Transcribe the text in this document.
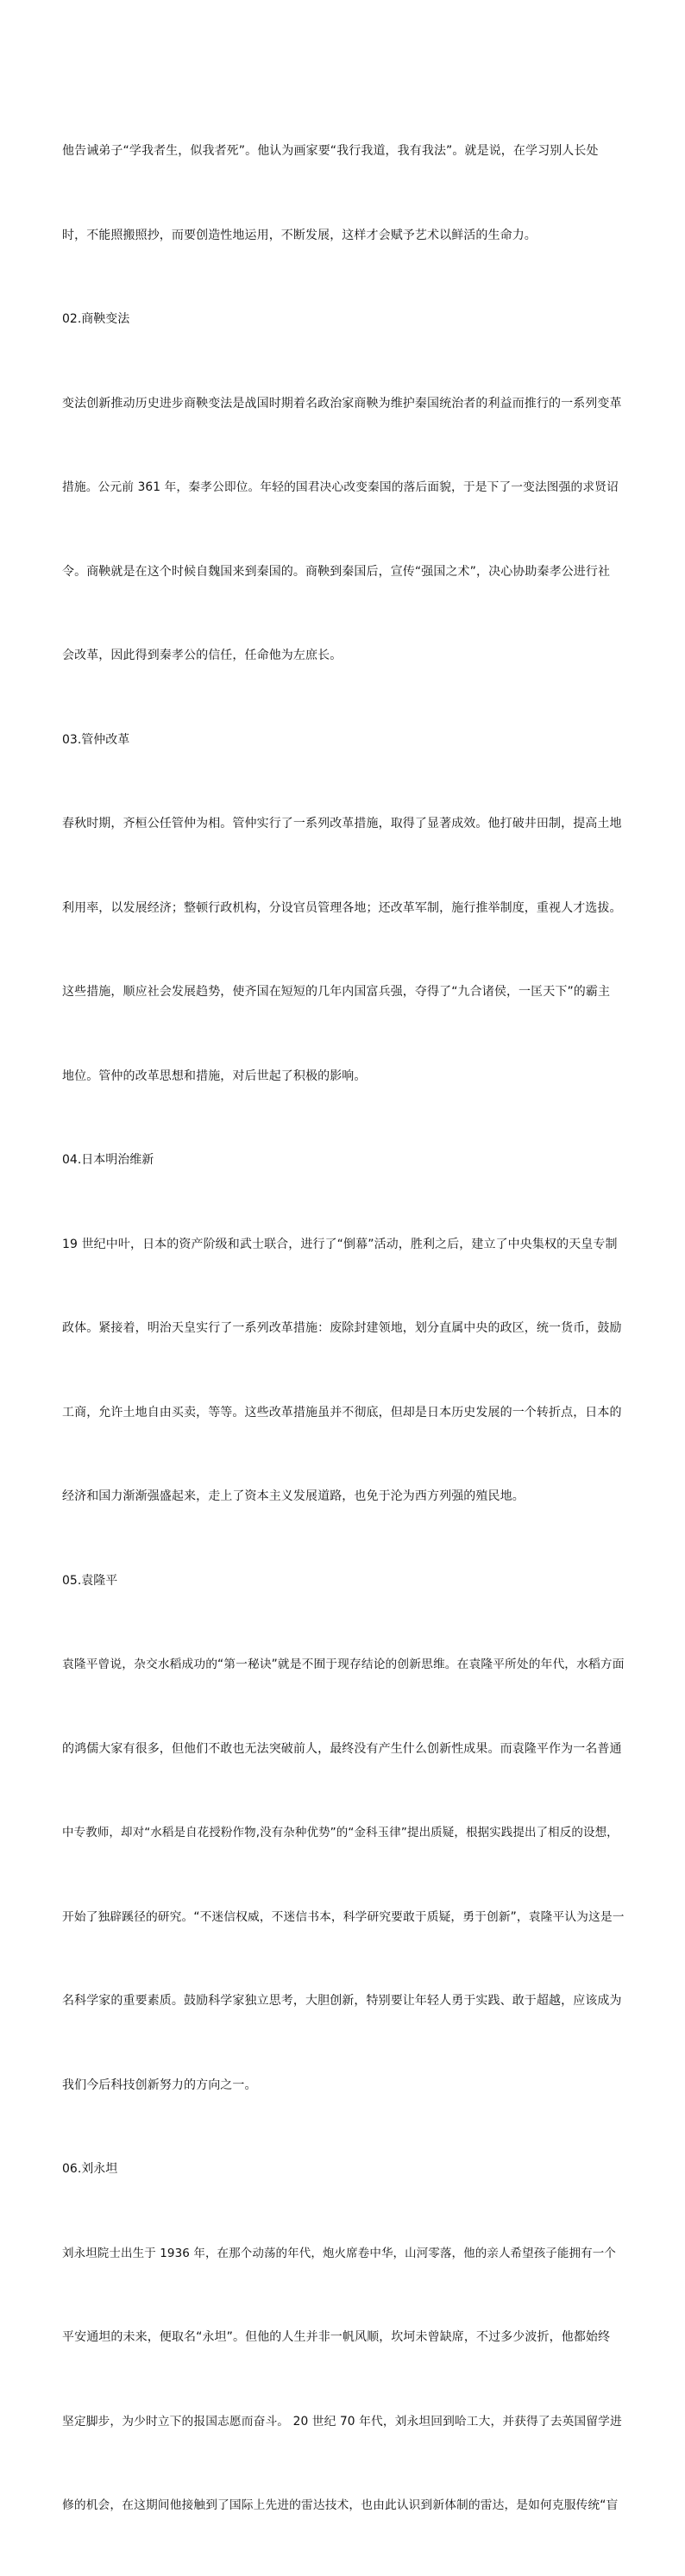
他告诫弟子“学我者生，似我者死”。他认为画家要“我行我道，我有我法”。就是说，在学习别人长处

时，不能照搬照抄，而要创造性地运用，不断发展，这样才会赋予艺术以鲜活的生命力。

02.商鞅变法

变法创新推动历史进步商鞅变法是战国时期着名政治家商鞅为维护秦国统治者的利益而推行的一系列变革

措施。公元前 361 年，秦孝公即位。年轻的国君决心改变秦国的落后面貌，于是下了一变法图强的求贤诏

令。商鞅就是在这个时候自魏国来到秦国的。商鞅到秦国后，宣传“强国之术”，决心协助秦孝公进行社

会改革，因此得到秦孝公的信任，任命他为左庶长。

03.管仲改革

春秋时期，齐桓公任管仲为相。管仲实行了一系列改革措施，取得了显著成效。他打破井田制，提高土地

利用率，以发展经济；整顿行政机构，分设官员管理各地；还改革军制，施行推举制度，重视人才选拔。

这些措施，顺应社会发展趋势，使齐国在短短的几年内国富兵强，夺得了“九合诸侯，一匡天下”的霸主

地位。管仲的改革思想和措施，对后世起了积极的影响。

04.日本明治维新

19 世纪中叶，日本的资产阶级和武士联合，进行了“倒幕”活动，胜利之后，建立了中央集权的天皇专制

政体。紧接着，明治天皇实行了一系列改革措施：废除封建领地，划分直属中央的政区，统一货币，鼓励

工商，允许土地自由买卖，等等。这些改革措施虽并不彻底，但却是日本历史发展的一个转折点，日本的

经济和国力渐渐强盛起来，走上了资本主义发展道路，也免于沦为西方列强的殖民地。

05.袁隆平

袁隆平曾说，杂交水稻成功的“第一秘诀”就是不囿于现存结论的创新思维。在袁隆平所处的年代，水稻方面

的鸿儒大家有很多，但他们不敢也无法突破前人，最终没有产生什么创新性成果。而袁隆平作为一名普通

中专教师，却对“水稻是自花授粉作物,没有杂种优势”的“金科玉律”提出质疑，根据实践提出了相反的设想，

开始了独辟蹊径的研究。“不迷信权威，不迷信书本，科学研究要敢于质疑，勇于创新”，袁隆平认为这是一

名科学家的重要素质。鼓励科学家独立思考，大胆创新，特别要让年轻人勇于实践、敢于超越，应该成为

我们今后科技创新努力的方向之一。

06.刘永坦

刘永坦院士出生于 1936 年，在那个动荡的年代，炮火席卷中华，山河零落，他的亲人希望孩子能拥有一个

平安通坦的未来，便取名“永坦”。但他的人生并非一帆风顺，坎坷未曾缺席，不过多少波折，他都始终

坚定脚步，为少时立下的报国志愿而奋斗。 20 世纪 70 年代，刘永坦回到哈工大，并获得了去英国留学进

修的机会，在这期间他接触到了国际上先进的雷达技术，也由此认识到新体制的雷达，是如何克服传统“盲
